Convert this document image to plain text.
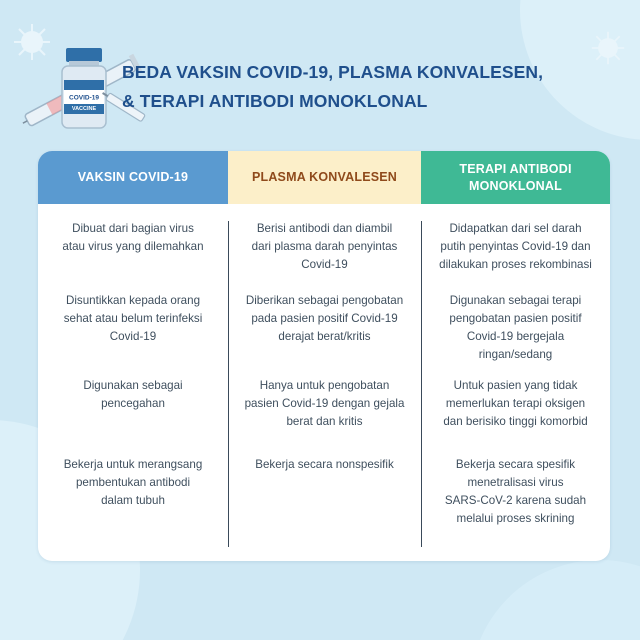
COVID-19
VACCINE
BEDA VAKSIN COVID-19, PLASMA KONVALESEN,
& TERAPI ANTIBODI MONOKLONAL
VAKSIN COVID-19	PLASMA KONVALESEN
TERAPI ANTIBODI
MONOKLONAL
Dibuat dari bagian virus
atau virus yang dilemahkan
Disuntikkan kepada orang
sehat atau belum terinfeksi
Covid-19
Digunakan sebagai
pencegahan
Bekerja untuk merangsang
pembentukan antibodi
dalam tubuh
Berisi antibodi dan diambil
dari plasma darah penyintas
Covid-19
Diberikan sebagai pengobatan
pada pasien positif Covid-19
derajat berat/kritis
Hanya untuk pengobatan
pasien Covid-19 dengan gejala
berat dan kritis
Bekerja secara nonspesifik
Didapatkan dari sel darah
putih penyintas Covid-19 dan
dilakukan proses rekombinasi
Digunakan sebagai terapi
pengobatan pasien positif
Covid-19 bergejala
ringan/sedang
Untuk pasien yang tidak
memerlukan terapi oksigen
dan berisiko tinggi komorbid
Bekerja secara spesifik
menetralisasi virus
SARS-CoV-2 karena sudah
melalui proses skrining
